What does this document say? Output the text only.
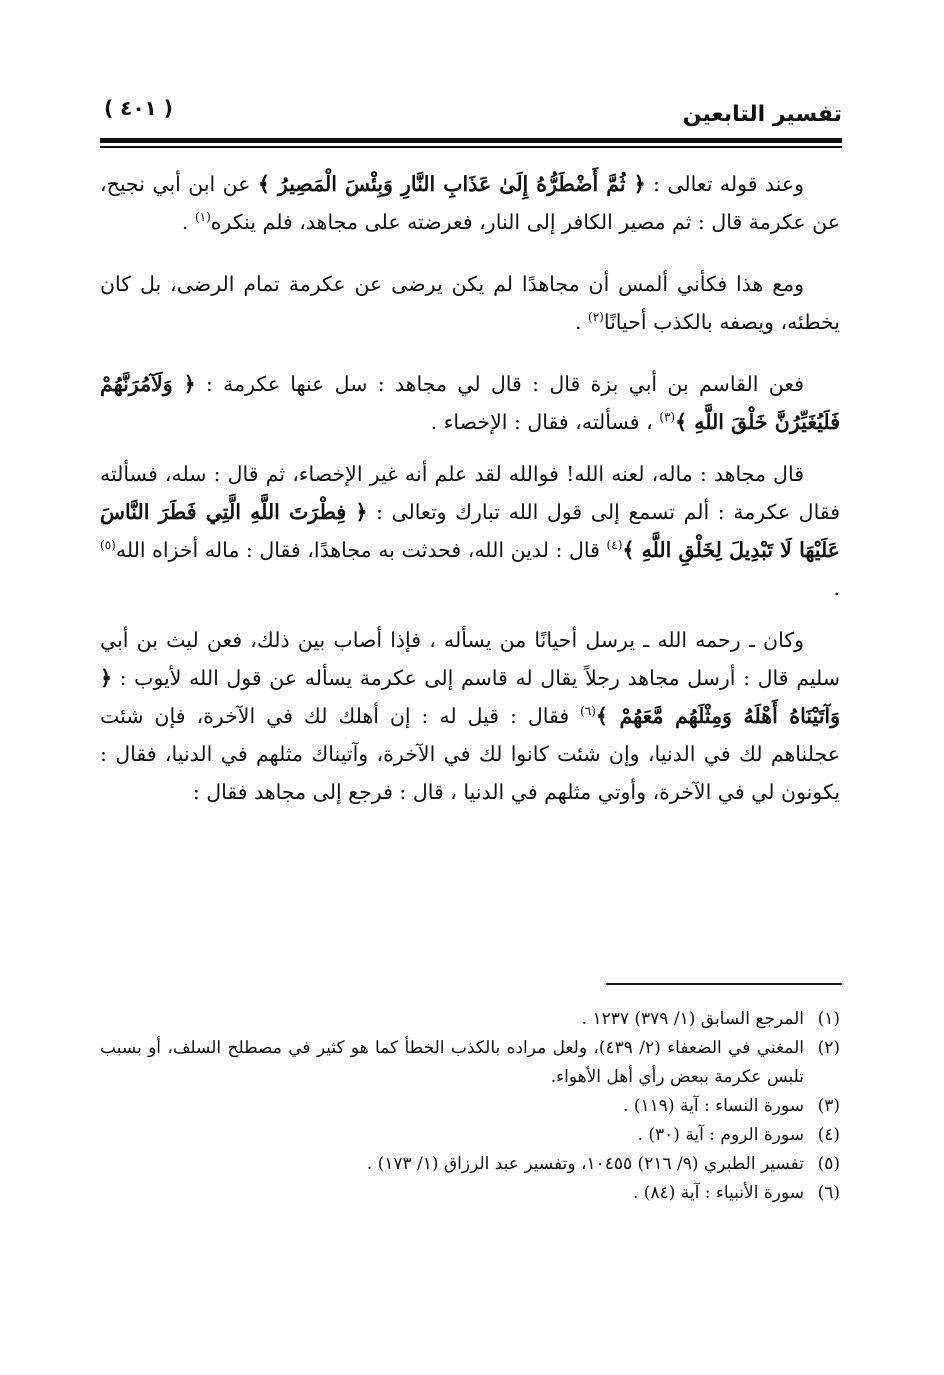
تفسير التابعين
( ٤٠١ )

وعند قوله تعالى : ﴿ ثُمَّ أَضْطَرُّهُ إِلَىٰ عَذَابِ النَّارِ وَبِئْسَ الْمَصِيرُ ﴾ عن ابن أبي نجيح، عن عكرمة قال : ثم مصير الكافر إلى النار، فعرضته على مجاهد، فلم ينكره$^{(١)}$ .

ومع هذا فكأني ألمس أن مجاهدًا لم يكن يرضى عن عكرمة تمام الرضى، بل كان يخطئه، ويصفه بالكذب أحيانًا$^{(٢)}$ .

فعن القاسم بن أبي بزة قال : قال لي مجاهد : سل عنها عكرمة : ﴿ وَلَآمُرَنَّهُمْ فَلَيُغَيِّرُنَّ خَلْقَ اللَّهِ ﴾$^{(٣)}$ ، فسألته، فقال : الإخصاء .

قال مجاهد : ماله، لعنه الله! فوالله لقد علم أنه غير الإخصاء، ثم قال : سله، فسألته فقال عكرمة : ألم تسمع إلى قول الله تبارك وتعالى : ﴿ فِطْرَتَ اللَّهِ الَّتِي فَطَرَ النَّاسَ عَلَيْهَا لَا تَبْدِيلَ لِخَلْقِ اللَّهِ ﴾$^{(٤)}$ قال : لدين الله، فحدثت به مجاهدًا، فقال : ماله أخزاه الله$^{(٥)}$ .

وكان ـ رحمه الله ـ يرسل أحيانًا من يسأله ، فإذا أصاب بين ذلك، فعن ليث بن أبي سليم قال : أرسل مجاهد رجلاً يقال له قاسم إلى عكرمة يسأله عن قول الله لأيوب : ﴿ وَآتَيْنَاهُ أَهْلَهُ وَمِثْلَهُم مَّعَهُمْ ﴾$^{(٦)}$ فقال : قيل له : إن أهلك لك في الآخرة، فإن شئت عجلناهم لك في الدنيا، وإن شئت كانوا لك في الآخرة، وآتيناك مثلهم في الدنيا، فقال : يكونون لي في الآخرة، وأوتي مثلهم في الدنيا ، قال : فرجع إلى مجاهد فقال :

(١)
المرجع السابق (١/ ٣٧٩) ١٢٣٧ .
(٢)
المغني في الضعفاء (٢/ ٤٣٩)، ولعل مراده بالكذب الخطأ كما هو كثير في مصطلح السلف، أو بسبب تلبس عكرمة ببعض رأي أهل الأهواء.
(٣)
سورة النساء : آية (١١٩) .
(٤)
سورة الروم : آية (٣٠) .
(٥)
تفسير الطبري (٩/ ٢١٦) ١٠٤٥٥، وتفسير عبد الرزاق (١/ ١٧٣) .
(٦)
سورة الأنبياء : آية (٨٤) .
